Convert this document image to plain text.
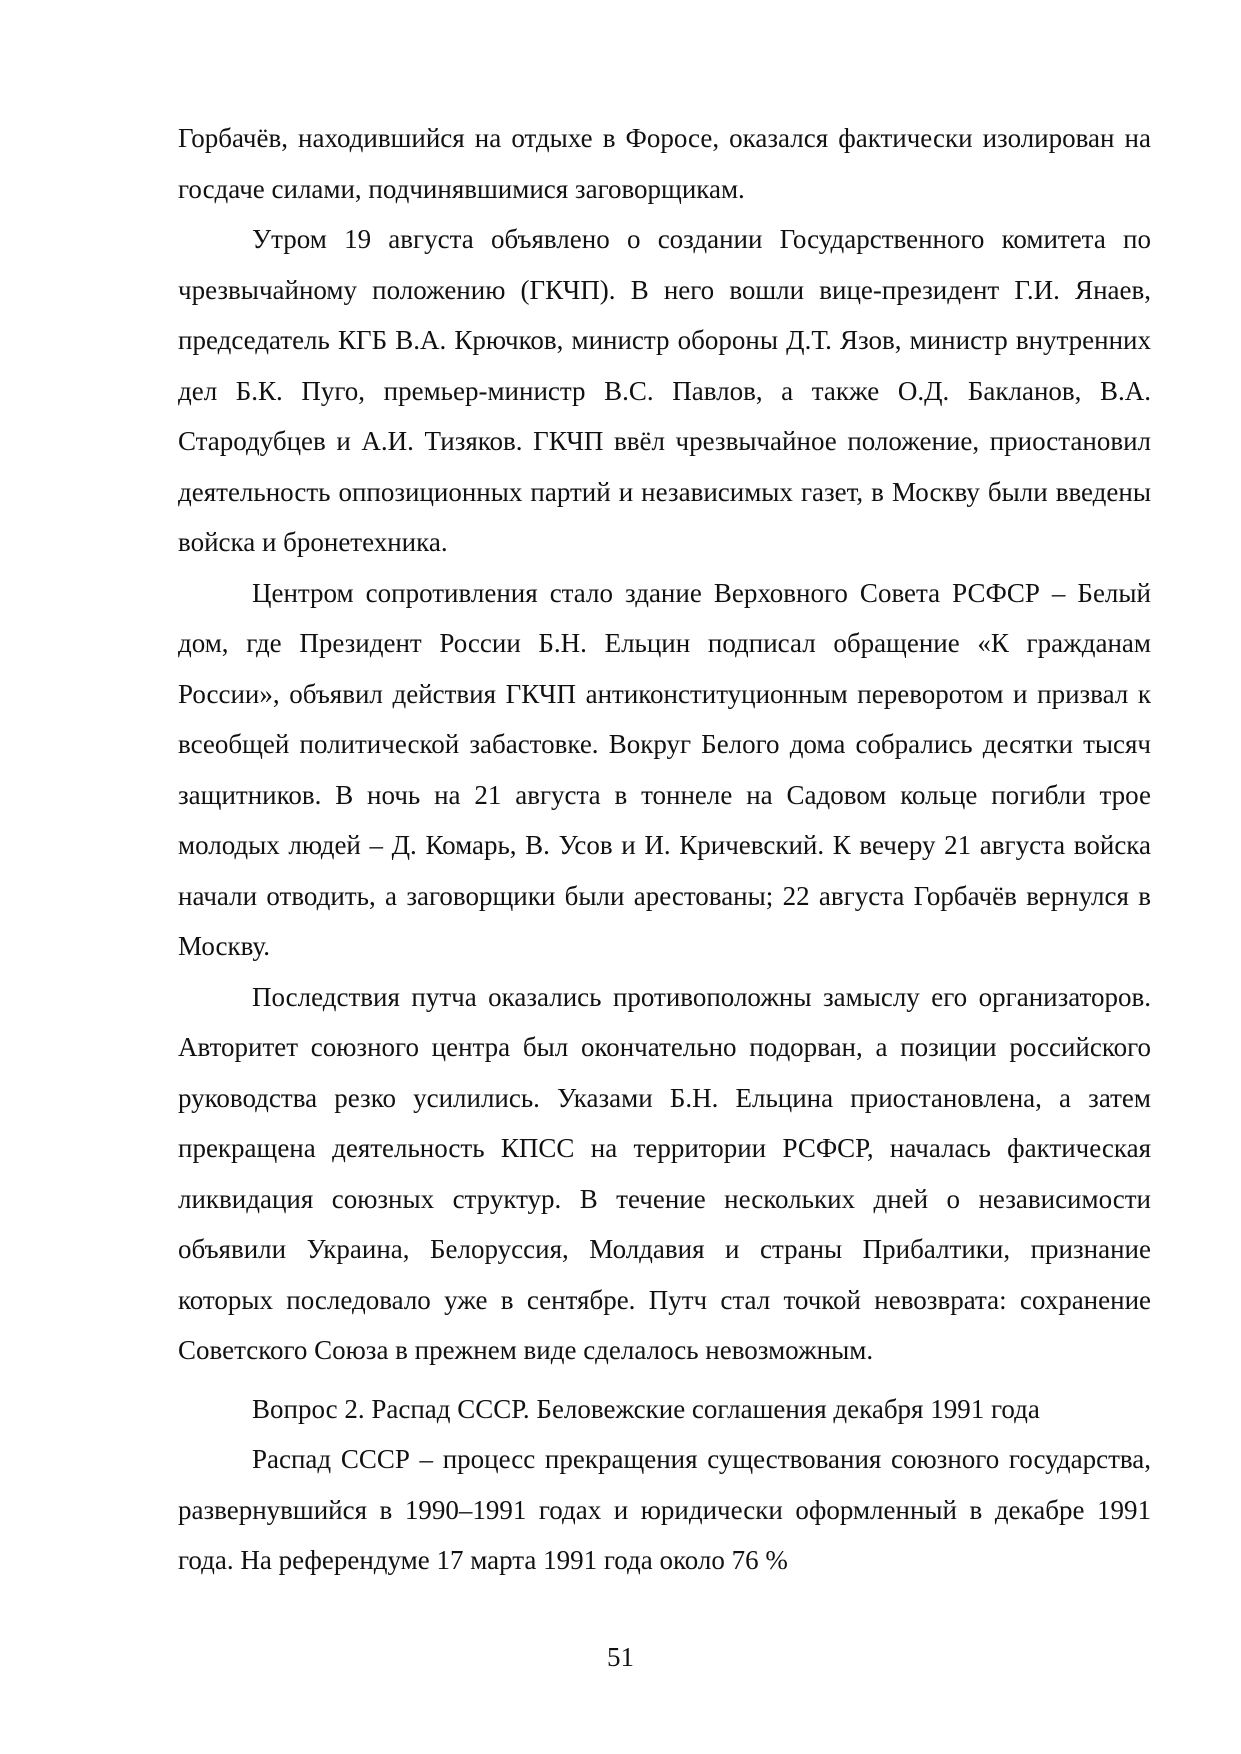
Горбачёв, находившийся на отдыхе в Форосе, оказался фактически изолирован на госдаче силами, подчинявшимися заговорщикам.

Утром 19 августа объявлено о создании Государственного комитета по чрезвычайному положению (ГКЧП). В него вошли вице-президент Г.И. Янаев, председатель КГБ В.А. Крючков, министр обороны Д.Т. Язов, министр внутренних дел Б.К. Пуго, премьер-министр В.С. Павлов, а также О.Д. Бакланов, В.А. Стародубцев и А.И. Тизяков. ГКЧП ввёл чрезвычайное положение, приостановил деятельность оппозиционных партий и независимых газет, в Москву были введены войска и бронетехника.

Центром сопротивления стало здание Верховного Совета РСФСР – Белый дом, где Президент России Б.Н. Ельцин подписал обращение «К гражданам России», объявил действия ГКЧП антиконституционным переворотом и призвал к всеобщей политической забастовке. Вокруг Белого дома собрались десятки тысяч защитников. В ночь на 21 августа в тоннеле на Садовом кольце погибли трое молодых людей – Д. Комарь, В. Усов и И. Кричевский. К вечеру 21 августа войска начали отводить, а заговорщики были арестованы; 22 августа Горбачёв вернулся в Москву.

Последствия путча оказались противоположны замыслу его организаторов. Авторитет союзного центра был окончательно подорван, а позиции российского руководства резко усилились. Указами Б.Н. Ельцина приостановлена, а затем прекращена деятельность КПСС на территории РСФСР, началась фактическая ликвидация союзных структур. В течение нескольких дней о независимости объявили Украина, Белоруссия, Молдавия и страны Прибалтики, признание которых последовало уже в сентябре. Путч стал точкой невозврата: сохранение Советского Союза в прежнем виде сделалось невозможным.

Вопрос 2. Распад СССР. Беловежские соглашения декабря 1991 года

Распад СССР – процесс прекращения существования союзного государства, развернувшийся в 1990–1991 годах и юридически оформленный в декабре 1991 года. На референдуме 17 марта 1991 года около 76 %

51
